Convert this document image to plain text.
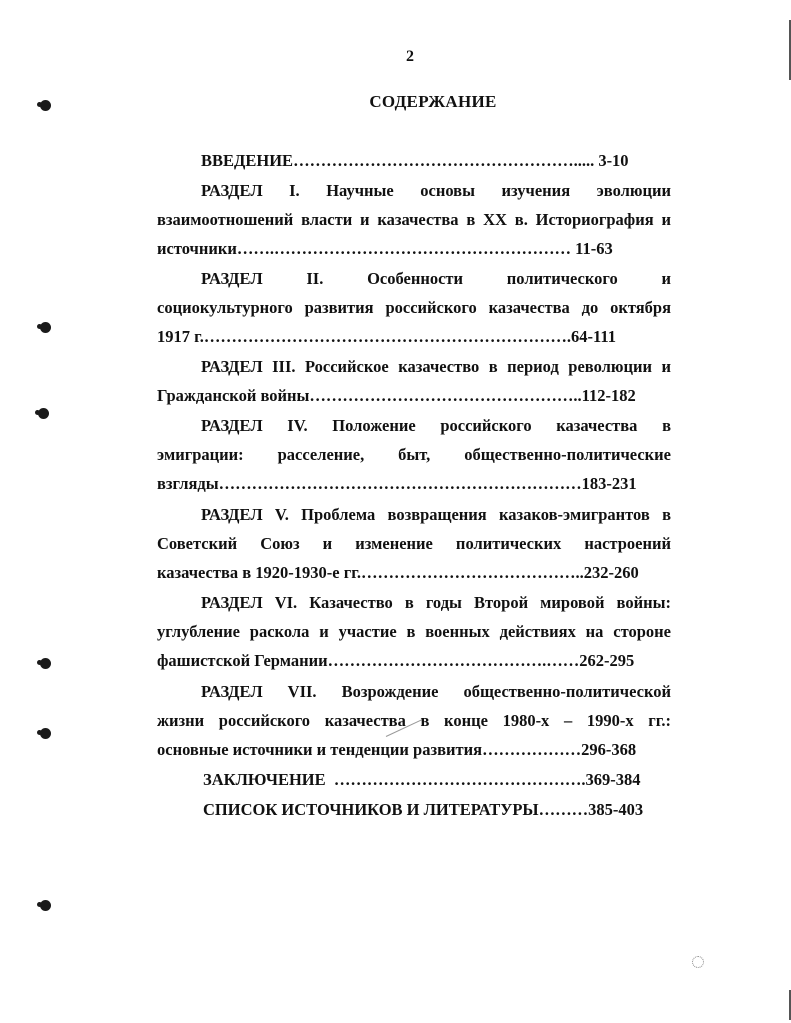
2
СОДЕРЖАНИЕ
ВВЕДЕНИЕ……………………………………………..... 3-10
РАЗДЕЛ I. Научные основы изучения эволюции
взаимоотношений власти и казачества в XX в. Историография и
источники…….……………………………………………… 11-63
РАЗДЕЛ II. Особенности политического и
социокультурного развития российского казачества до октября
1917 г.………………………………………………………….64-111
РАЗДЕЛ III. Российское казачество в период революции и
Гражданской войны…………………………………………..112-182
РАЗДЕЛ IV. Положение российского казачества в
эмиграции: расселение, быт, общественно-политические
взгляды…………………………………………………………183-231
РАЗДЕЛ V. Проблема возвращения казаков-эмигрантов в
Советский Союз и изменение политических настроений
казачества в 1920-1930-е гг.…………………………………..232-260
РАЗДЕЛ VI. Казачество в годы Второй мировой войны:
углубление раскола и участие в военных действиях на стороне
фашистской Германии………………………………….……262-295
РАЗДЕЛ VII. Возрождение общественно-политической
жизни российского казачества в конце 1980-х – 1990-х гг.:
основные источники и тенденции развития………………296-368
ЗАКЛЮЧЕНИЕ ……………………………………….369-384
СПИСОК ИСТОЧНИКОВ И ЛИТЕРАТУРЫ………385-403
